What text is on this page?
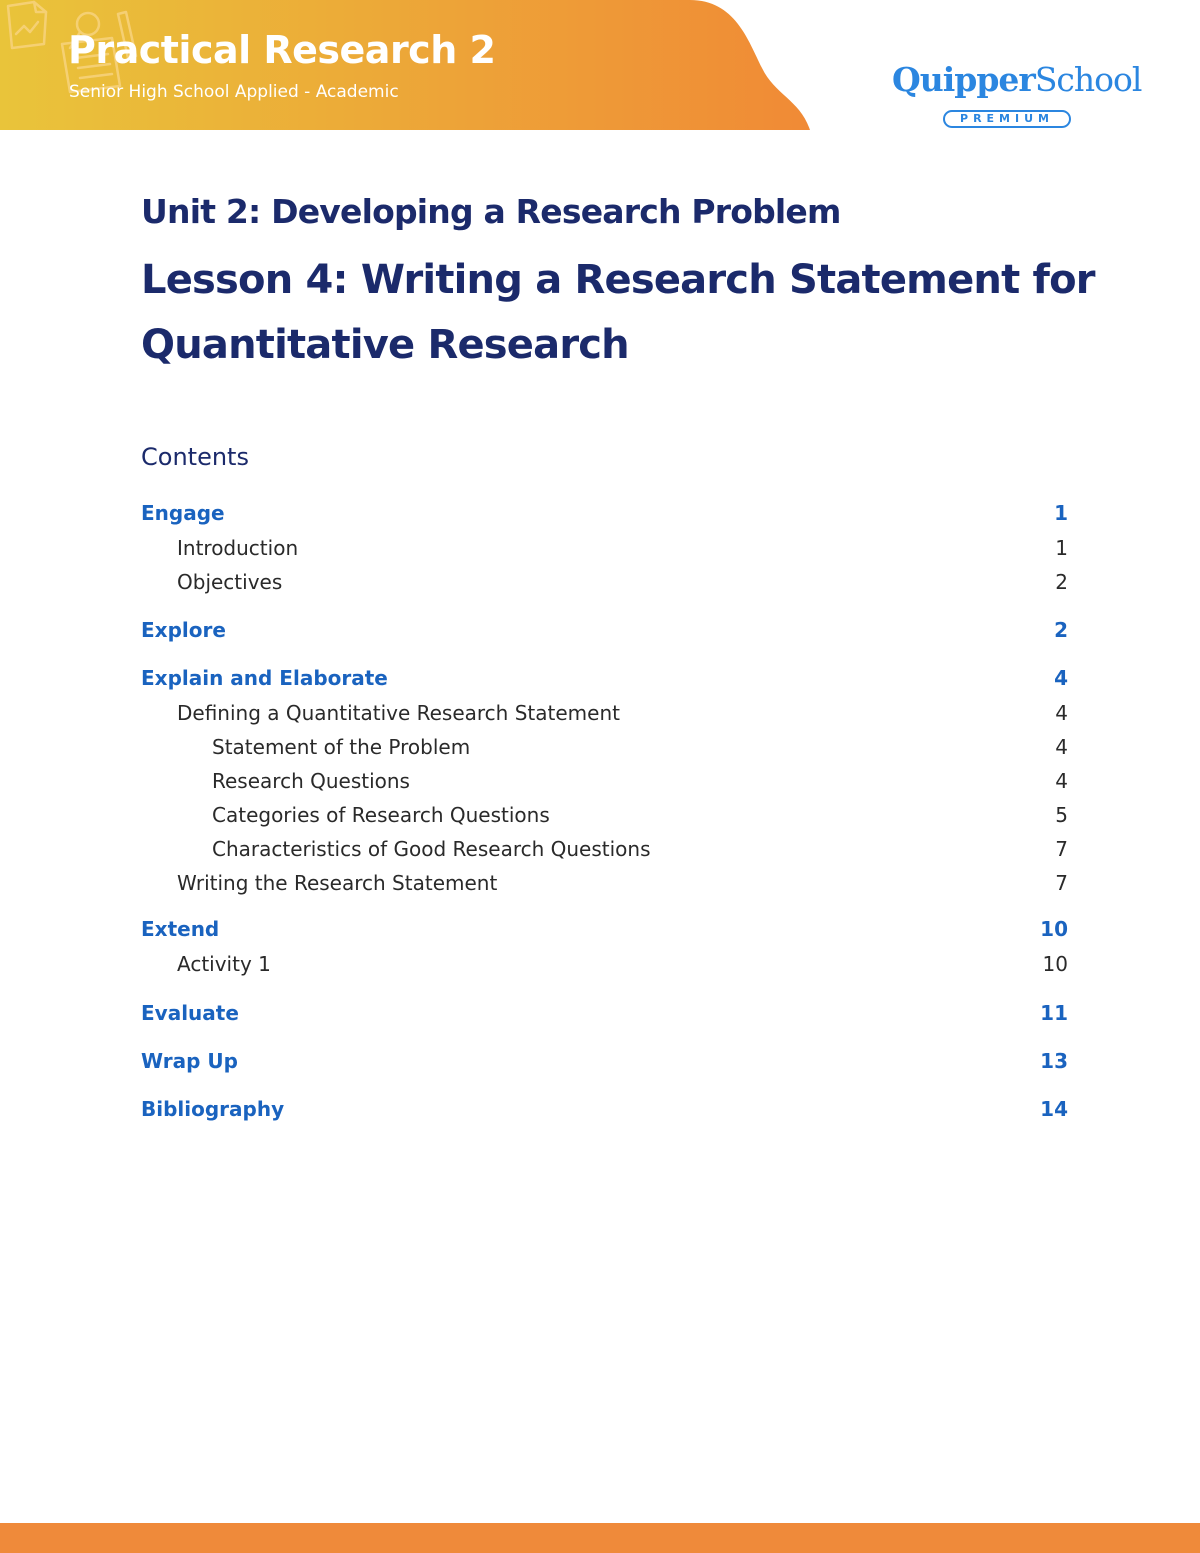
Practical Research 2
Senior High School Applied - Academic	QuipperSchool
PREMIUM
Unit 2: Developing a Research Problem
Lesson 4: Writing a Research Statement for Quantitative Research
Contents
Engage	1
Introduction	1
Objectives	2
Explore	2
Explain and Elaborate	4
Defining a Quantitative Research Statement	4
Statement of the Problem	4
Research Questions	4
Categories of Research Questions	5
Characteristics of Good Research Questions	7
Writing the Research Statement	7
Extend	10
Activity 1	10
Evaluate	11
Wrap Up	13
Bibliography	14
